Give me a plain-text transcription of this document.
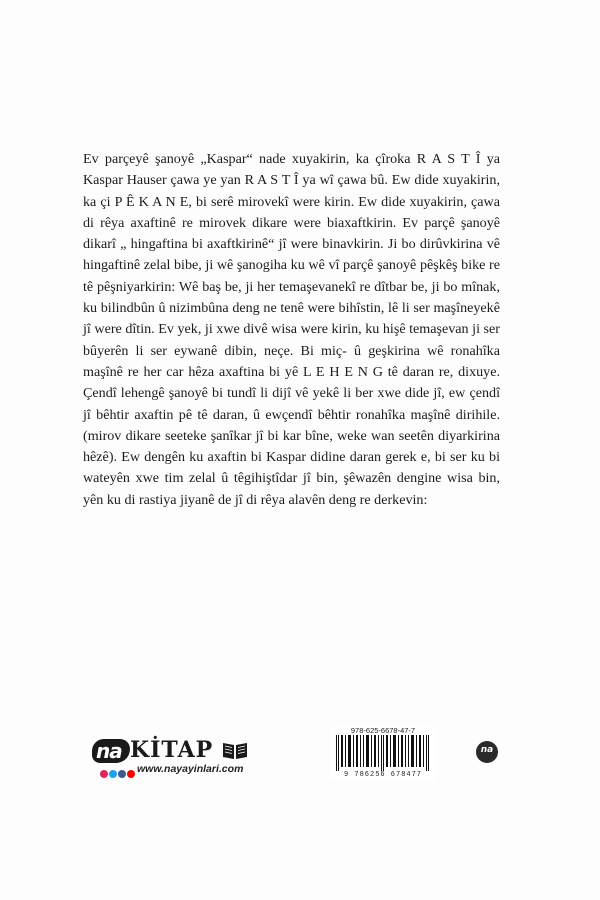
Ev parçeyê şanoyê „Kaspar“ nade xuyakirin, ka çîroka R A S T Î ya Kaspar Hauser çawa ye yan R A S T Î ya wî çawa bû. Ew dide xuyakirin, ka çi P Ê K A N E, bi serê mirovekî were kirin. Ew dide xuyakirin, çawa di rêya axaftinê re mirovek dikare were biaxaftkirin. Ev parçê şanoyê dikarî „ hingaftina bi axaftkirinê“ jî were binavkirin. Ji bo dirûvkirina vê hingaftinê zelal bibe, ji wê şanogiha ku wê vî parçê şanoyê pêşkêş bike re tê pêşniyarkirin: Wê baş be, ji her temaşevanekî re dîtbar be, ji bo mînak, ku bilindbûn û nizimbûna deng ne tenê were bihîstin, lê li ser maşîneyekê jî were dîtin. Ev yek, ji xwe divê wisa were kirin, ku hişê temaşevan ji ser bûyerên li ser eywanê dibin, neçe. Bi miç- û geşkirina wê ronahîka maşînê re her car hêza axaftina bi yê L E H E N G tê daran re, dixuye. Çendî lehengê şanoyê bi tundî li dijî vê yekê li ber xwe dide jî, ew çendî jî bêhtir axaftin pê tê daran, û ewçendî bêhtir ronahîka maşînê dirihile. (mirov dikare seeteke şanîkar jî bi kar bîne, weke wan seetên diyarkirina hêzê). Ew dengên ku axaftin bi Kaspar didine daran gerek e, bi ser ku bi wateyên xwe tim zelal û têgihiştîdar jî bin, şêwazên dengine wisa bin, yên ku di rastiya jiyanê de jî di rêya alavên deng re derkevin:

na KİTAP
www.nayayinlari.com
978-625-6678-47-7
9 786256 678477
na
